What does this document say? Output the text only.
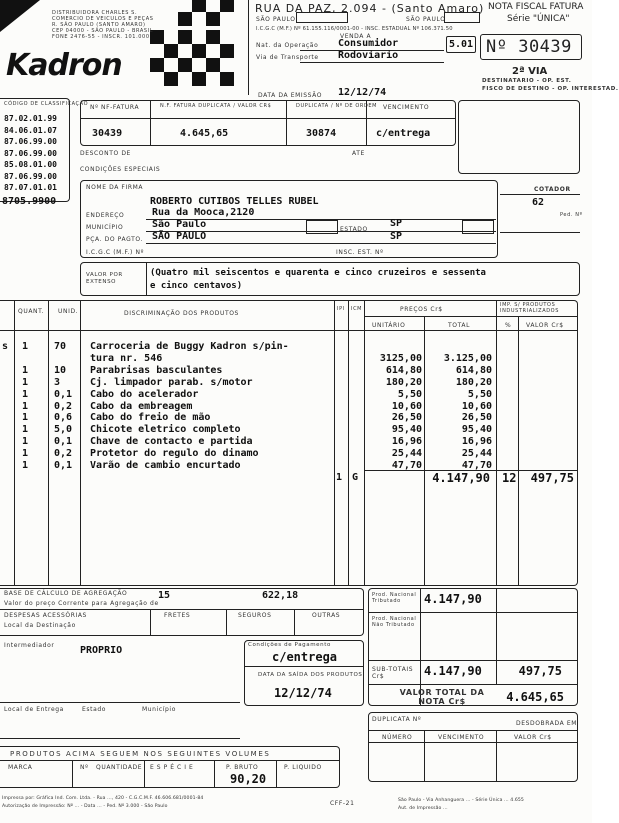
DISTRIBUIDORA CHARLES S.
COMERCIO DE VEICULOS E PEÇAS
R. SÃO PAULO (SANTO AMARO)
CEP 04000 - SÃO PAULO - BRASIL
FONE 2476-55 - INSCR. 101.000
Kadron
RUA DA PAZ, 2.094 - (Santo Amaro)
SÃO PAULO	SÃO PAULO
I.C.G.C (M.F.) Nº 61.155.116/0001-00 - INSC. ESTADUAL Nº 106.371.50
NOTA FISCAL FATURA
Série "ÚNICA"
VENDA A
Nat. da Operação Consumidor
Via de Transporte Rodoviario
5.01 Nº 30439
2ª VIA
DESTINATARIO - OP. EST.
FISCO DE DESTINO - OP. INTERESTAD.
DATA DA EMISSÃO 12/12/74
CÓDIGO DE CLASSIFICAÇÃO
87.02.01.99
84.06.01.07
87.06.99.00
87.06.99.00
85.08.01.00
87.06.99.00
87.07.01.01
8705.9900
Nº NF-FATURA	N.F. FATURA DUPLICATA / VALOR CR$	DUPLICATA / Nº DE ORDEM VENCIMENTO
30439	4.645,65	30874	c/entrega
DESCONTO DE	ATE
CONDIÇÕES ESPECIAIS
NOME DA FIRMA
ROBERTO CUTIBOS TELLES RUBEL
ENDEREÇO	Rua da Mooca,2120
MUNICÍPIO	São Paulo	ESTADO
SP
PÇA. DO PAGTO. SÃO PAULO	SP
I.C.G.C (M.F.) Nº	INSC. EST. Nº
COTADOR
62
Ped. Nº
VALOR POR EXTENSO
(Quatro mil seiscentos e quarenta e cinco cruzeiros e sessenta
e cinco centavos)
QUANT. UNID.	DISCRIMINAÇÃO DOS PRODUTOS
IPI ICM	PREÇOS Cr$
UNITÁRIO	TOTAL
IMP. S/ PRODUTOS INDUSTRIALIZADOS
% VALOR Cr$
s 1	70 Carroceria de Buggy Kadron s/pin-
tura nr. 546	3125,00	3.125,00
1	10 Parabrisas basculantes	614,80	614,80
1	3	Cj. limpador parab. s/motor	180,20	180,20
1	0,1 Cabo do acelerador	5,50	5,50
1	0,2 Cabo da embreagem	10,60	10,60
1	0,6 Cabo do freio de mão	26,50	26,50
1	5,0 Chicote eletrico completo	95,40	95,40
1	0,1 Chave de contacto e partida	16,96	16,96
1	0,2 Protetor do regulo do dinamo	25,44	25,44
1	0,1 Varão de cambio encurtado	47,70	47,70
1 G	4.147,90 12	497,75
BASE DE CÁLCULO DE AGREGAÇÃO
Valor do preço Corrente para Agregação de
DESPESAS ACESSÓRIAS
Local da Destinação
15	622,18
FRETES	SEGUROS	OUTRAS
Prod. Nacional Tributado	4.147,90
Prod. Nacional Não Tributado
SUB-TOTAIS Cr$	4.147,90	497,75
VALOR TOTAL DA NOTA Cr$	4.645,65
Intermediador	PROPRIO	Condições de Pagamento
c/entrega
DATA DA SAÍDA DOS PRODUTOS
12/12/74
Local de Entrega	Estado	Município
DUPLICATA Nº
DESDOBRADA EM
NÚMERO	VENCIMENTO	VALOR Cr$
PRODUTOS ACIMA SEGUEM NOS SEGUINTES VOLUMES
MARCA	Nº QUANTIDADE ESPÉCIE	P. BRUTO	P. LIQUIDO
90,20
Impressa por: Gráfica Ind. Com. Ltda. - Rua ..., 420 - C.G.C.M.F. 46.606.681/0001-84
Autorização de Impressão: Nº ... - Data ... - Ped. Nº 3.000 - São Paulo	CFF-21	São Paulo - Via Anhanguera ... - Série Única ... 4.655
Aut. de Impressão ...
